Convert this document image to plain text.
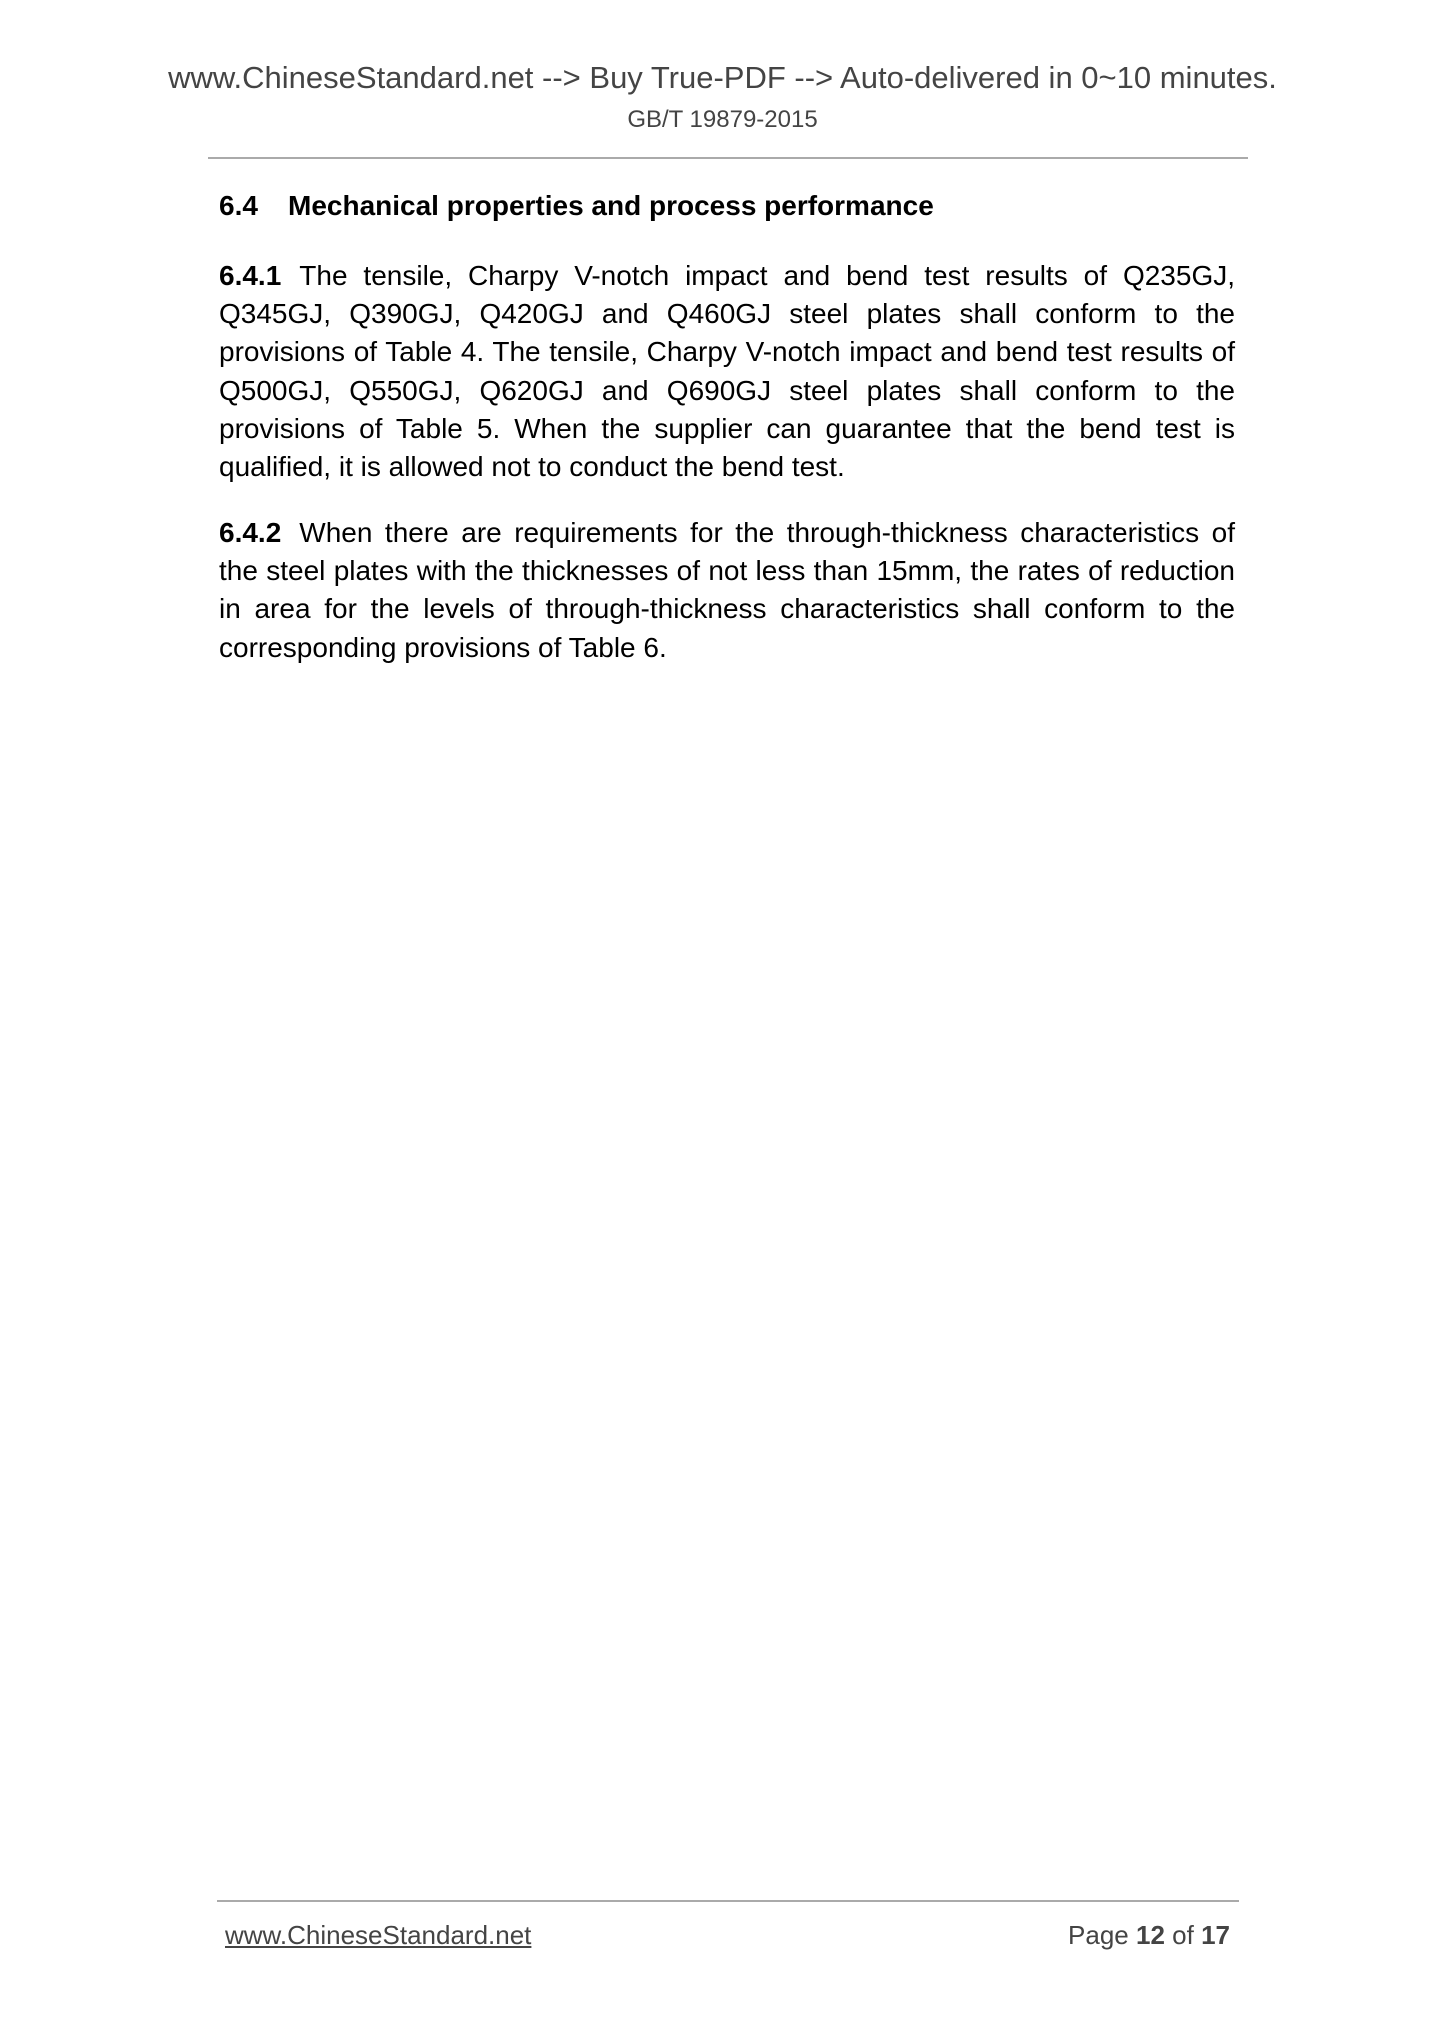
www.ChineseStandard.net --> Buy True-PDF --> Auto-delivered in 0~10 minutes.
GB/T 19879-2015
6.4 Mechanical properties and process performance
6.4.1 The tensile, Charpy V-notch impact and bend test results of Q235GJ, Q345GJ, Q390GJ, Q420GJ and Q460GJ steel plates shall conform to the provisions of Table 4. The tensile, Charpy V-notch impact and bend test results of Q500GJ, Q550GJ, Q620GJ and Q690GJ steel plates shall conform to the provisions of Table 5. When the supplier can guarantee that the bend test is qualified, it is allowed not to conduct the bend test.
6.4.2 When there are requirements for the through-thickness characteristics of the steel plates with the thicknesses of not less than 15mm, the rates of reduction in area for the levels of through-thickness characteristics shall conform to the corresponding provisions of Table 6.
www.ChineseStandard.net	Page 12 of 17
